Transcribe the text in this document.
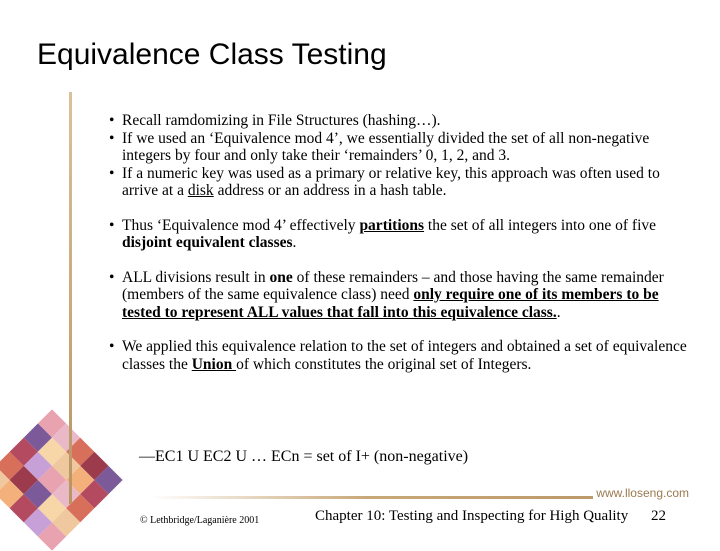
Equivalence Class Testing
• Recall ramdomizing in File Structures (hashing…).
• If we used an ‘Equivalence mod 4’, we essentially divided the set of all non-negative integers by four and only take their ‘remainders’ 0, 1, 2, and 3.
• If a numeric key was used as a primary or relative key, this approach was often used to arrive at a disk address or an address in a hash table.
• Thus ‘Equivalence mod 4’ effectively partitions the set of all integers into one of five disjoint equivalent classes.
• ALL divisions result in one of these remainders – and those having the same remainder (members of the same equivalence class) need only require one of its members to be tested to represent ALL values that fall into this equivalence class..
• We applied this equivalence relation to the set of integers and obtained a set of equivalence classes the Union of which constitutes the original set of Integers.
—EC1 U EC2 U … ECn = set of I+ (non-negative)
www.lloseng.com
© Lethbridge/Laganière 2001	Chapter 10: Testing and Inspecting for High Quality 22
